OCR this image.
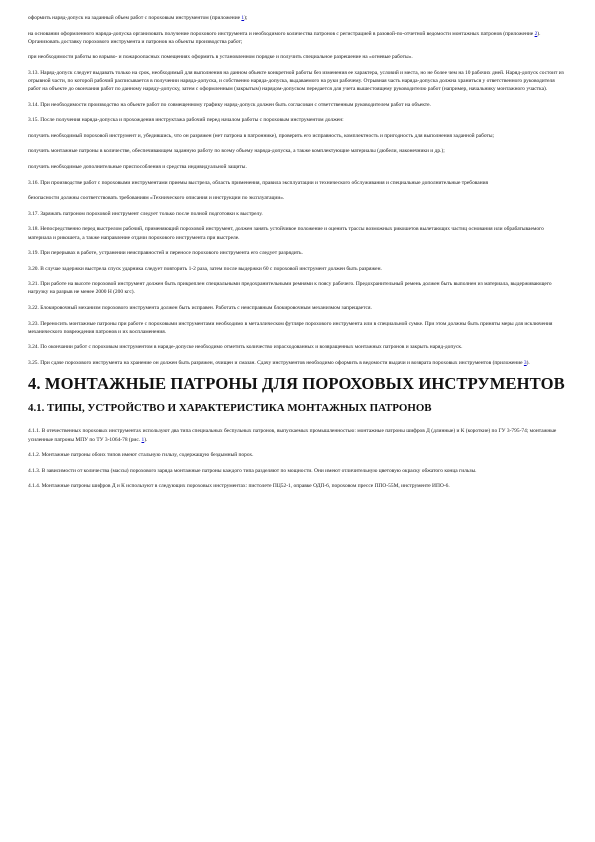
оформить наряд-допуск на заданный объем работ с пороховым инструментом (приложение 1);
на основании оформленного наряда-допуска организовать получение порохового инструмента и необходимого количества патронов с регистрацией в разовой-по-отчетной ведомости монтажных патронов (приложение 2). Организовать доставку порохового инструмента и патронов на объекты производства работ;
при необходимости работы во взрыво- и пожароопасных помещениях оформить в установленном порядке и получить специальное разрешение на «огневые работы».
3.13. Наряд-допуск следует выдавать только на срок, необходимый для выполнения на данном объекте конкретной работы без изменения ее характера, условий и места, но не более чем на 10 рабочих дней. Наряд-допуск состоит из отрывной части, по которой рабочий расписывается в получении наряда-допуска, и собственно наряда-допуска, выдаваемого на руки рабочему. Отрывная часть наряда-допуска должна храниться у ответственного руководителя работ на объекте до окончания работ по данному наряду-допуску, затем с оформленным (закрытым) нарядом-допуском передается для учета вышестоящему руководителю работ (например, начальнику монтажного участка).
3.14. При необходимости производство на объекте работ по совмещенному графику наряд-допуск должен быть согласован с ответственным руководителем работ на объекте.
3.15. После получения наряда-допуска и прохождения инструктажа рабочий перед началом работы с пороховым инструментом должен:
получить необходимый пороховой инструмент и, убедившись, что он разряжен (нет патрона в патроннике), проверить его исправность, комплектность и пригодность для выполнения заданной работы;
получить монтажные патроны в количестве, обеспечивающем заданную работу по всему объему наряда-допуска, а также комплектующие материалы (дюбели, наконечники и др.);
получить необходимые дополнительные приспособления и средства индивидуальной защиты.
3.16. При производстве работ с пороховыми инструментами приемы выстрела, область применения, правила эксплуатации и технического обслуживания и специальные дополнительные требования
безопасности должны соответствовать требованиям «Технического описания и инструкции по эксплуатации».
3.17. Заряжать патроном пороховой инструмент следует только после полной подготовки к выстрелу.
3.18. Непосредственно перед выстрелом рабочий, применяющий пороховой инструмент, должен занять устойчивое положение и оценить трассы возможных рикошетов вылетающих частиц основания или обрабатываемого материала и рикошета, а также направление отдачи порохового инструмента при выстреле.
3.19. При перерывах в работе, устранении неисправностей и переносе порохового инструмента его следует разрядить.
3.20. В случае задержки выстрела спуск ударника следует повторить 1-2 раза, затем после выдержки 60 с пороховой инструмент должен быть разряжен.
3.21. При работе на высоте пороховой инструмент должен быть прикреплен специальными предохранительными ремнями к поясу рабочего. Предохранительный ремень должен быть выполнен из материала, выдерживающего нагрузку на разрыв не менее 2000 Н (200 кгс).
3.22. Блокировочный механизм порохового инструмента должен быть исправен. Работать с неисправным блокировочным механизмом запрещается.
3.23. Переносить монтажные патроны при работе с пороховыми инструментами необходимо в металлическом футляре порохового инструмента или в специальной сумке. При этом должны быть приняты меры для исключения механического повреждения патронов и их воспламенения.
3.24. По окончании работ с пороховым инструментом в наряде-допуске необходимо отметить количество израсходованных и возвращенных монтажных патронов и закрыть наряд-допуск.
3.25. При сдаче порохового инструмента на хранение он должен быть разряжен, очищен и смазан. Сдачу инструментов необходимо оформить в ведомости выдачи и возврата пороховых инструментов (приложение 3).
4. МОНТАЖНЫЕ ПАТРОНЫ ДЛЯ ПОРОХОВЫХ ИНСТРУМЕНТОВ
4.1. ТИПЫ, УСТРОЙСТВО И ХАРАКТЕРИСТИКА МОНТАЖНЫХ ПАТРОНОВ
4.1.1. В отечественных пороховых инструментах используют два типа специальных беспульных патронов, выпускаемых промышленностью: монтажные патроны шифров Д (длинные) и К (короткие) по ГУ 3-795-74; монтажные усиленные патроны МПУ по ТУ 3-1064-78 (рис. 1).
4.1.2. Монтажные патроны обоих типов имеют стальную гильзу, содержащую бездымный порох.
4.1.3. В зависимости от количества (массы) порохового заряда монтажные патроны каждого типа разделяют по мощности. Они имеют отличительную цветовую окраску обжатого конца гильзы.
4.1.4. Монтажные патроны шифров Д и К используют в следующих пороховых инструментах: пистолете ПЦ52-1, оправке ОДП-6, пороховом прессе ППО-55М, инструменте ИПО-6.
